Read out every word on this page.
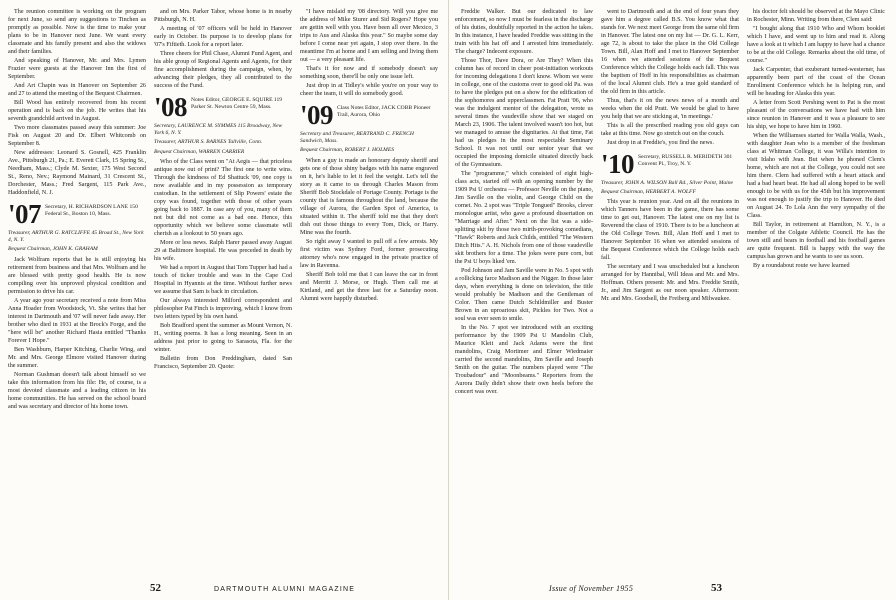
The reunion committee is working on the program for next June, so send any suggestions to Tinchen as promptly as possible. Now is the time to make your plans to be in Hanover next June. We want every classmate and his family present and also the widows and their families.

And speaking of Hanover, Mr. and Mrs. Lymen Frazier were guests at the Hanover Inn the first of September.

And Art Chapin was in Hanover on September 26 and 27 to attend the meeting of the Bequest Chairmen.

Bill Wood has entirely recovered from his recent operation and is back on the job. He writes that his seventh grandchild arrived in August.

Two more classmates passed away this summer: Joe Fisk on August 20 and Dr. Elbert Whitcomb on September 8.

New addresses: Leonard S. Gosnell, 425 Franklin Ave., Pittsburgh 21, Pa.; E. Everett Clark, 15 Spring St., Needham, Mass.; Clyde M. Sexter, 175 West Second St., Reno, Nev.; Raymond Mainard, 31 Crescent St., Dorchester, Mass.; Fred Sargent, 115 Park Ave., Haddonfield, N. J.

'07 Secretary, H. RICHARDSON LANE 150 Federal St., Boston 10, Mass.
Treasurer, ARTHUR G. RATCLIFFE 45 Broad St., New York 4, N. Y.
Bequest Chairman, JOHN K. GRAHAM

Jack Wolfram reports that he is still enjoying his retirement from business and that Mrs. Wolfram and he are blessed with pretty good health. He is now compiling over his unproved physical condition and permission to drive his car.

A year ago your secretary received a note from Miss Anna Hoader from Woodstock, Vt. She writes that her interest in Dartmouth and '07 will never fade away. Her brother who died in 1931 at the Brock's Forge, and the "here will be" another Richard Hasia entitled "Thanks Forever I Hope."

Ben Washburn, Harper Kitching, Charlie Wing, and Mr. and Mrs. George Elmore visited Hanover during the summer.

Norman Gushman doesn't talk about himself so we take this information from his file: He, of course, is a most devoted classmate and a leading citizen in his home communities. He has served on the school board and was secretary and director of his home town.

and on Mrs. Parker Tabor, whose home is in nearby Pittsburgh, N. H.

A meeting of '07 officers will be held in Hanover early in October. Its purpose is to develop plans for '07's Fiftieth. Look for a report later.

Three cheers for Phil Chase, Alumni Fund Agent, and his able group of Regional Agents and Agents, for their fine accomplishment during the campaign, when, by advancing their pledges, they all contributed to the success of the Fund.

'08 Notes Editor, GEORGE E. SQUIRE 119 Parker St. Newton Centre 59, Mass.
Secretary, LAURENCE M. SYMMES 115 Broadway, New York 6, N. Y.
Treasurer, ARTHUR S. BARNES Tallville, Conn.
Bequest Chairman, WARREN CARRIER

Who of the Class went on "At Aegis — that priceless antique now out of print? The first one to write wins. Through the kindness of Ed Shattuck '09, one copy is now available and in my possession as temporary custodian. In the settlement of Slip Powers' estate the copy was found, together with those of other years going back to 1887. In case any of you, many of them not but did not come as a bad one. Hence, this opportunity which we believe some classmate will cherish as a lookout to 50 years ago.

More or less news. Ralph Harer passed away August 29 at Baltimore hospital. He was preceded in death by his wife.

We had a report in August that Tom Tupper had had a touch of ticker trouble and was in the Cape Cod Hospital in Hyannis at the time. Without further news we assume that Sam is back in circulation.

Our always interested Milford correspondent and philosopher Pat Finch is improving, which I know from two letters typed by his own hand.

Bob Bradford spent the summer as Mount Vernon, N. H., writing poems. It has a long meaning. Seen in an address just prior to going to Sarasota, Fla. for the winter.

Bulletin from Don Preddingham, dated San Francisco, September 20. Quote:

"I have mislaid my '08 directory. Will you give me the address of Mike Sturer and Sid Rogers? Hope you are gettin well with you. Have been all over Mexico, 3 trips to Aus and Alaska this year." So maybe some day before I come near yet again, I stop over there. In the meantime I'm at home and I am selling and living them out — a very pleasant life.

That's it for now and if somebody doesn't say something soon, there'll be only one issue left.

Just drop in at Tidley's while you're on your way to cheer the team, it will do somebody good.

'09 Class Notes Editor, JACK COBB Pioneer Trail, Aurora, Ohio
Secretary and Treasurer, BERTRAND C. FRENCH Sandwich, Mass.
Bequest Chairman, ROBERT J. HOLMES

When a guy is made an honorary deputy sheriff and gets one of those shiny badges with his name engraved on it, he's liable to let it feel the weight. Let's tell the story as it came to us through Charles Mason from Sheriff Bob Stockdale of Portage County. Portage is the county that is famous throughout the land, because the village of Aurora, the Garden Spot of America, is situated within it. The sheriff told me that they don't dish out those things to every Tom, Dick, or Harry. Mine was the fourth.

So right away I wanted to pull off a few arrests. My first victim was Sydney Ford, former prosecuting attorney who's now engaged in the private practice of law in Ravenna.

Sheriff Bob told me that I can leave the car in front and Merritt J. Morse, or Hugh. Then call me at Kirtland, and get the three last for a Saturday noon. Alumni were happily disturbed.

52	DARTMOUTH ALUMNI MAGAZINE

Freddie Walker. But our dedicated to law enforcement, so now I must be fearless in the discharge of his duties, doubtfully reported in the action he takes. In this instance, I have headed Freddie was sitting in the train with his hat off and I arrested him immediately. The charge? Indecent exposure.

Those Thor, Dave Dora, or Are They? When this column has of record in cheer post-initiation workouts for incoming delegations I don't know. Whom we were in college, one of the customs over to good old Pa. was to have the pledges put on a show for the edification of the sophomores and upperclassmen. Fat Pratt '06, who was the indulgent mentor of the delegation, wrote us several times the vaudeville show that we staged on March 23, 1906. The talent involved wasn't too hot, but we managed to amuse the dignitaries. At that time, Fat had us pledges in the most respectable Seminary School. It was not until our senior year that we occupied the imposing domicile situated directly back of the Gymnasium.

The "programme," which consisted of eight high-class acts, started off with an opening number by the 1909 Psi U orchestra — Professor Neville on the piano, Jim Saville on the violin, and George Child on the cornet. No. 2 spot was "Triple Tongued" Brooks, clever monologue artist, who gave a profound dissertation on "Marriage and After." Next on the list was a side-splitting skit by those two mirth-provoking comedians, "Hawk" Roberts and Jack Childs, entitled "The Western Ditch Hits." A. H. Nichols from one of those vaudeville skit brothers for a time. The jokes were pure corn, but the Psi U boys liked 'em.

Pod Johnson and Jam Saville were in No. 5 spot with a rollicking farce Madison and the Nigger. In those later days, when everything is done on television, the title would probably be Madison and the Gentleman of Color. Then came Dutch Schildmiller and Buster Brown in an uproarious skit, Pickles for Two. Not a soul was ever seen to smile.

In the No. 7 spot we introduced with an exciting performance by the 1909 Psi U Mandolin Club, Maurice Kleit and Jack Adams were the first mandolins, Craig Mortimer and Elmer Wiedmaier carried the second mandolins, Jim Saville and Joseph Smith on the guitar. The numbers played were "The Troubadour" and "Moonbeams." Reporters from the Aurora Daily didn't show their own heels before the concert was over.

went to Dartmouth and at the end of four years they gave him a degree called B.S. You know what that stands for. We next meet George from the same old firm in Hanover. The latest one on my list — Dr. G. L. Kerr, age 72, is about to take the place in the Old College Town. Bill, Alan Hoff and I met to Hanover September 16 when we attended sessions of the Bequest Conference which the College holds each fall. This was the baptism of Hoff in his responsibilities as chairman of the local Alumni club. He's a true gold standard of the old firm in this article.

Thus, that's it on the news news of a month and weeks when the old Pratt. We would be glad to have you help that we are sticking at, 'in meetings.'

This is all the prescribed reading you old guys can take at this time. Now go stretch out on the couch.

Just drop in at Freddie's, you find the news.

'10 Secretary, RUSSELL R. MERIDETH 301 Convent Pl., Troy, N. Y.
Treasurer, JOHN A. WILSON Ball Rd., Silver Point, Maine
Bequest Chairman, HERBERT A. WOLFF

This year is reunion year. And on all the reunions in which Tanners have been in the game, there has some time to get out, Hanover. The latest one on my list is Reverend the class of 1910. There is to be a luncheon at the Old College Town. Bill, Alan Hoff and I met to Hanover September 16 when we attended sessions of the Bequest Conference which the College holds each fall.

The secretary and I was unscheduled but a luncheon arranged for by Hannibal, Will Ideas and Mr. and Mrs. Hoffman. Others present: Mr. and Mrs. Freddie Smith, Jr., and Jim Sargent as our noon speaker. Afternoon: Mr. and Mrs. Goodsell, the Freiberg and Milwaukee.

his doctor felt should be observed at the Mayo Clinic in Rochester, Minn. Writing from there, Clem said:

"I bought along that 1910 Who and Whom booklet which I have, and went up to him and read it. Along have a look at it which I am happy to have had a chance to be at the old College. Remarks about the old time, of course."

Jack Carpenter, that exuberant turned-westerner, has apparently been part of the coast of the Ocean Enrollment Conference which he is helping run, and will be heading for Alaska this year.

A letter from Scott Pershing went to Pat is the most pleasant of the conversations we have had with him since reunion in Hanover and it was a pleasure to see his ship, we hope to have him in 1960.

When the Williamses started for Walla Walla, Wash., with daughter Jean who is a member of the freshman class at Whitman College, it was Willa's intention to visit Idaho with Jean. But when he phoned Clem's home, which are not at the College, you could not see him there. Clem had suffered with a heart attack and had a bad heart beat. He had all along hoped to be well enough to be with us for the 45th but his improvement was not enough to justify the trip to Hanover. He died on August 24. To Lola Ann the very sympathy of the Class.

Bill Taylor, in retirement at Hamilton, N. Y., is a member of the Colgate Athletic Council. He has the town still and bears in football and his football games are quite frequent. Bill is happy with the way the campus has grown and he wants to see us soon.

By a roundabout route we have learned

Issue of November 1955	53
